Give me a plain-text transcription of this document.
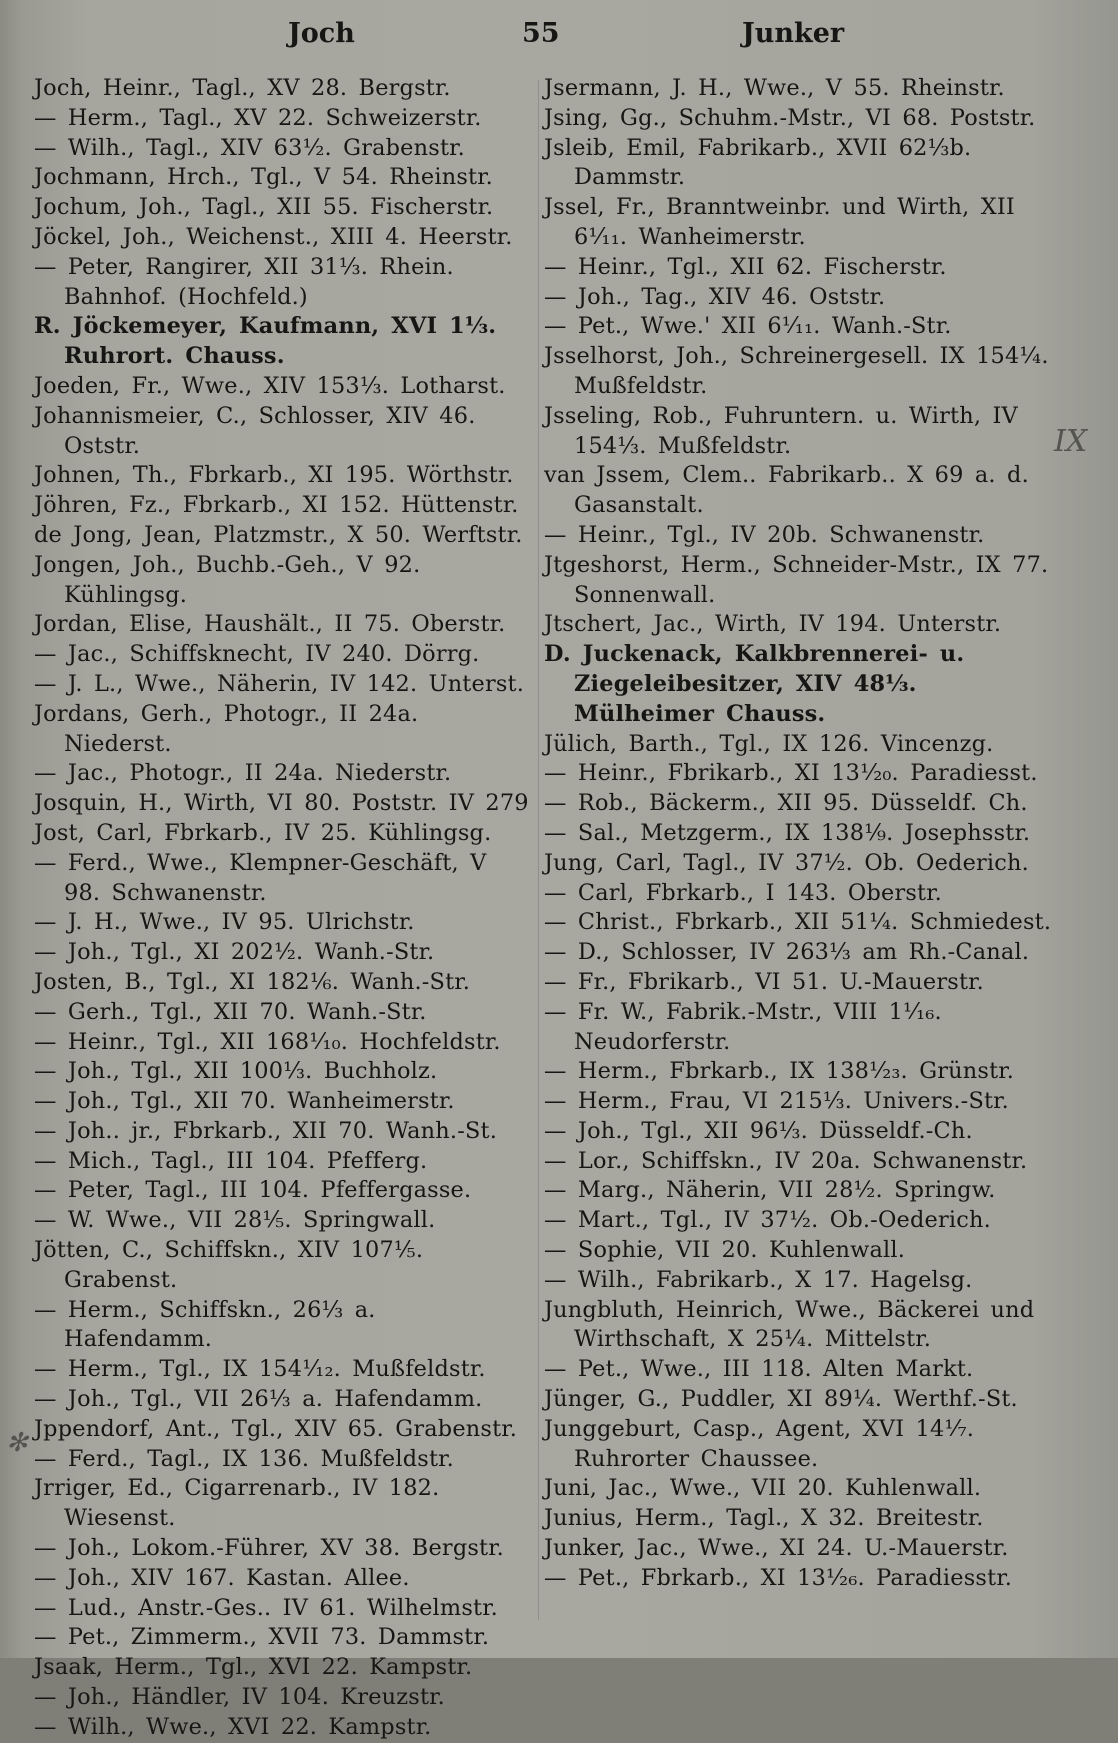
Joch	55	Junker

Joch, Heinr., Tagl., XV 28. Bergstr.

— Herm., Tagl., XV 22. Schweizerstr.

— Wilh., Tagl., XIV 63½. Grabenstr.

Jochmann, Hrch., Tgl., V 54. Rheinstr.

Jochum, Joh., Tagl., XII 55. Fischerstr.

Jöckel, Joh., Weichenst., XIII 4. Heerstr.

— Peter, Rangirer, XII 31⅓. Rhein. Bahnhof. (Hochfeld.)

R. Jöckemeyer, Kaufmann, XVI 1⅓. Ruhrort. Chauss.

Joeden, Fr., Wwe., XIV 153⅓. Lotharst.

Johannismeier, C., Schlosser, XIV 46. Oststr.

Johnen, Th., Fbrkarb., XI 195. Wörthstr.

Jöhren, Fz., Fbrkarb., XI 152. Hüttenstr.

de Jong, Jean, Platzmstr., X 50. Werftstr.

Jongen, Joh., Buchb.-Geh., V 92. Kühlingsg.

Jordan, Elise, Haushält., II 75. Oberstr.

— Jac., Schiffsknecht, IV 240. Dörrg.

— J. L., Wwe., Näherin, IV 142. Unterst.

Jordans, Gerh., Photogr., II 24a. Niederst.

— Jac., Photogr., II 24a. Niederstr.

Josquin, H., Wirth, VI 80. Poststr. IV 279

Jost, Carl, Fbrkarb., IV 25. Kühlingsg.

— Ferd., Wwe., Klempner-Geschäft, V 98. Schwanenstr.

— J. H., Wwe., IV 95. Ulrichstr.

— Joh., Tgl., XI 202½. Wanh.-Str.

Josten, B., Tgl., XI 182⅙. Wanh.-Str.

— Gerh., Tgl., XII 70. Wanh.-Str.

— Heinr., Tgl., XII 168¹⁄₁₀. Hochfeldstr.

— Joh., Tgl., XII 100⅓. Buchholz.

— Joh., Tgl., XII 70. Wanheimerstr.

— Joh.. jr., Fbrkarb., XII 70. Wanh.-St.

— Mich., Tagl., III 104. Pfefferg.

— Peter, Tagl., III 104. Pfeffergasse.

— W. Wwe., VII 28⅕. Springwall.

Jötten, C., Schiffskn., XIV 107⅕. Grabenst.

— Herm., Schiffskn., 26⅓ a. Hafendamm.

— Herm., Tgl., IX 154¹⁄₁₂. Mußfeldstr.

— Joh., Tgl., VII 26⅓ a. Hafendamm.

Jppendorf, Ant., Tgl., XIV 65. Grabenstr.

— Ferd., Tagl., IX 136. Mußfeldstr.

Jrriger, Ed., Cigarrenarb., IV 182. Wiesenst.

— Joh., Lokom.-Führer, XV 38. Bergstr.

— Joh., XIV 167. Kastan. Allee.

— Lud., Anstr.-Ges.. IV 61. Wilhelmstr.

— Pet., Zimmerm., XVII 73. Dammstr.

Jsaak, Herm., Tgl., XVI 22. Kampstr.

— Joh., Händler, IV 104. Kreuzstr.

— Wilh., Wwe., XVI 22. Kampstr.

Jsermann, J. H., Wwe., V 55. Rheinstr.

Jsing, Gg., Schuhm.-Mstr., VI 68. Poststr.

Jsleib, Emil, Fabrikarb., XVII 62⅓b. Dammstr.

Jssel, Fr., Branntweinbr. und Wirth, XII 6¹⁄₁₁. Wanheimerstr.

— Heinr., Tgl., XII 62. Fischerstr.

— Joh., Tag., XIV 46. Oststr.

— Pet., Wwe.' XII 6¹⁄₁₁. Wanh.-Str.

Jsselhorst, Joh., Schreinergesell. IX 154¼. Mußfeldstr.

Jsseling, Rob., Fuhruntern. u. Wirth, IV 154⅓. Mußfeldstr.

van Jssem, Clem.. Fabrikarb.. X 69 a. d. Gasanstalt.

— Heinr., Tgl., IV 20b. Schwanenstr.

Jtgeshorst, Herm., Schneider-Mstr., IX 77. Sonnenwall.

Jtschert, Jac., Wirth, IV 194. Unterstr.

D. Juckenack, Kalkbrennerei- u. Ziegeleibesitzer, XIV 48⅓. Mülheimer Chauss.

Jülich, Barth., Tgl., IX 126. Vincenzg.

— Heinr., Fbrikarb., XI 13¹⁄₂₀. Paradiesst.

— Rob., Bäckerm., XII 95. Düsseldf. Ch.

— Sal., Metzgerm., IX 138⅑. Josephsstr.

Jung, Carl, Tagl., IV 37½. Ob. Oederich.

— Carl, Fbrkarb., I 143. Oberstr.

— Christ., Fbrkarb., XII 51¼. Schmiedest.

— D., Schlosser, IV 263⅓ am Rh.-Canal.

— Fr., Fbrikarb., VI 51. U.-Mauerstr.

— Fr. W., Fabrik.-Mstr., VIII 1¹⁄₁₆. Neudorferstr.

— Herm., Fbrkarb., IX 138¹⁄₂₃. Grünstr.

— Herm., Frau, VI 215⅓. Univers.-Str.

— Joh., Tgl., XII 96⅓. Düsseldf.-Ch.

— Lor., Schiffskn., IV 20a. Schwanenstr.

— Marg., Näherin, VII 28½. Springw.

— Mart., Tgl., IV 37½. Ob.-Oederich.

— Sophie, VII 20. Kuhlenwall.

— Wilh., Fabrikarb., X 17. Hagelsg.

Jungbluth, Heinrich, Wwe., Bäckerei und Wirthschaft, X 25¼. Mittelstr.

— Pet., Wwe., III 118. Alten Markt.

Jünger, G., Puddler, XI 89¼. Werthf.-St.

Junggeburt, Casp., Agent, XVI 14¹⁄₇. Ruhrorter Chaussee.

Juni, Jac., Wwe., VII 20. Kuhlenwall.

Junius, Herm., Tagl., X 32. Breitestr.

Junker, Jac., Wwe., XI 24. U.-Mauerstr.

— Pet., Fbrkarb., XI 13¹⁄₂₆. Paradiesstr.

IX
✻
